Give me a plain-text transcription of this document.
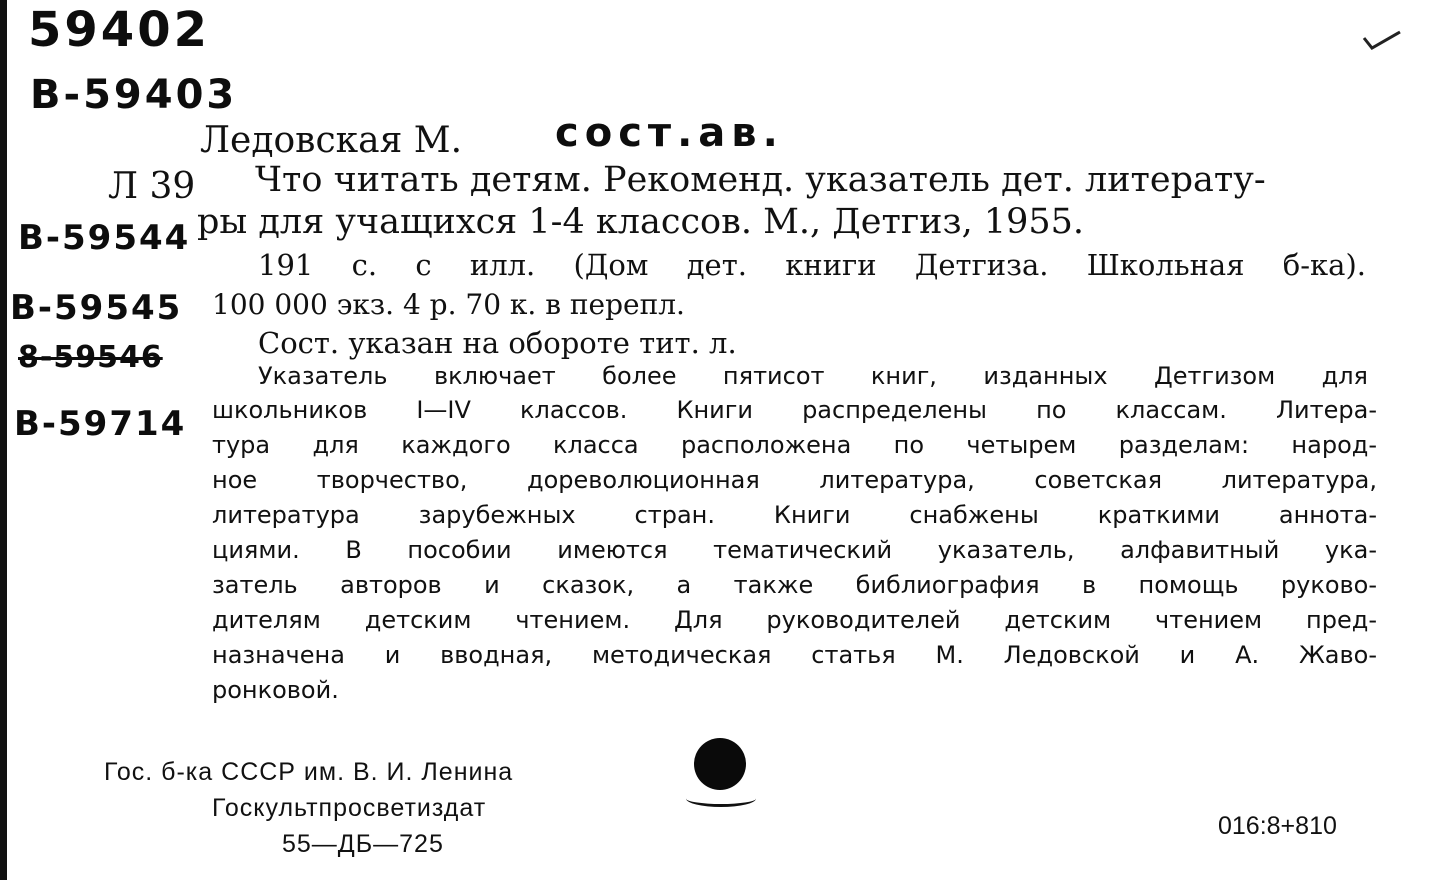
59402
В-59403
Ледовская М. сост.ав.
Л 39 Что читать детям. Рекоменд. указатель дет. литерату-
В-59544 ры для учащихся 1-4 классов. М., Детгиз, 1955.
191 с. с илл. (Дом дет. книги Детгиза. Школьная б-ка).
В-59545 100 000 экз. 4 р. 70 к. в перепл.
Сост. указан на обороте тит. л.
8-59546
Указатель включает более пятисот книг, изданных Детгизом для
В-59714 школьников I—IV классов. Книги распределены по классам. Литера-
тура для каждого класса расположена по четырем разделам: народ-
ное творчество, дореволюционная литература, советская литература,
литература зарубежных стран. Книги снабжены краткими аннота-
циями. В пособии имеются тематический указатель, алфавитный ука-
затель авторов и сказок, а также библиография в помощь руково-
дителям детским чтением. Для руководителей детским чтением пред-
назначена и вводная, методическая статья М. Ледовской и А. Жаво-
ронковой.
Гос. б-ка СССР им. В. И. Ленина
Госкультпросветиздат
55—ДБ—725
016:8+810
